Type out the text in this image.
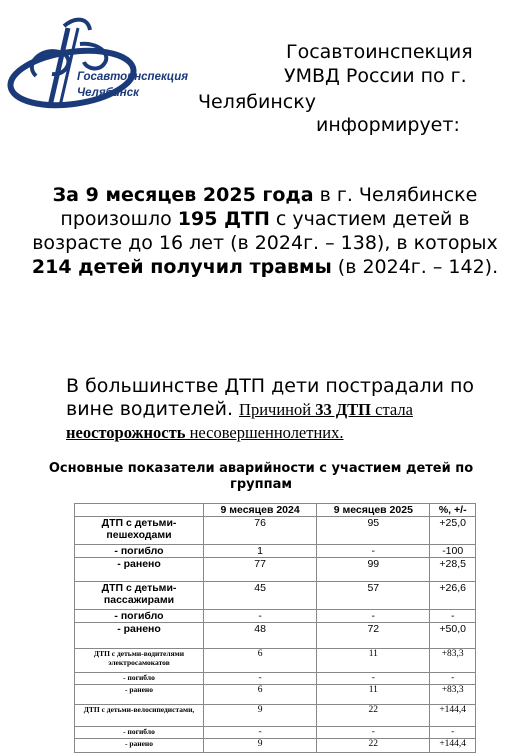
Госавтоинспекция
Челябинск
Госавтоинспекция
УМВД России по г.
Челябинску
информирует:
За 9 месяцев 2025 года в г. Челябинске произошло 195 ДТП с участием детей в возрасте до 16 лет (в 2024г. – 138), в которых
214 детей получил травмы (в 2024г. – 142).
В большинстве ДТП дети пострадали по вине водителей. Причиной 33 ДТП стала
неосторожность несовершеннолетних.
Основные показатели аварийности с участием детей по группам
	9 месяцев 2024	9 месяцев 2025	%, +/-
ДТП с детьми-пешеходами	76	95	+25,0
- погибло	1	-	-100
- ранено	77	99	+28,5
ДТП с детьми-пассажирами	45	57	+26,6
- погибло	-	-	-
- ранено	48	72	+50,0
ДТП с детьми-водителями электросамокатов	6	11	+83,3
- погибло	-	-	-
- ранено	6	11	+83,3
ДТП с детьми-велосипедистами,	9	22	+144,4
- погибло	-	-	-
- ранено	9	22	+144,4
